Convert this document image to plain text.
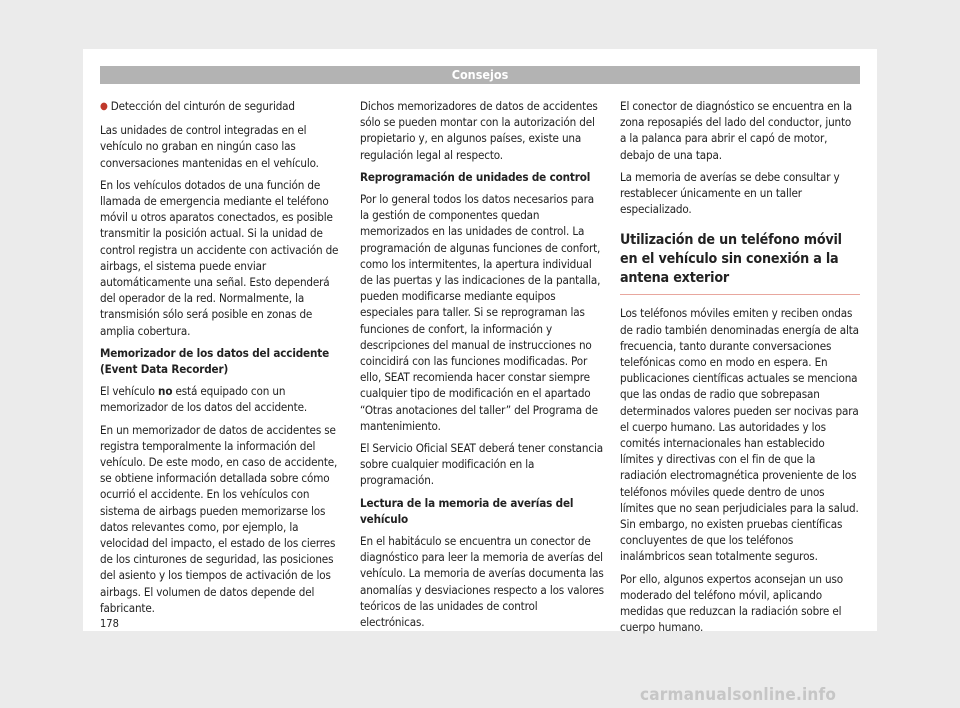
Consejos

● Detección del cinturón de seguridad

Las unidades de control integradas en el vehículo no graban en ningún caso las conversaciones mantenidas en el vehículo.

En los vehículos dotados de una función de llamada de emergencia mediante el teléfono móvil u otros aparatos conectados, es posible transmitir la posición actual. Si la unidad de control registra un accidente con activación de airbags, el sistema puede enviar automáticamente una señal. Esto dependerá del operador de la red. Normalmente, la transmisión sólo será posible en zonas de amplia cobertura.

Memorizador de los datos del accidente (Event Data Recorder)

El vehículo no está equipado con un memorizador de los datos del accidente.

En un memorizador de datos de accidentes se registra temporalmente la información del vehículo. De este modo, en caso de accidente, se obtiene información detallada sobre cómo ocurrió el accidente. En los vehículos con sistema de airbags pueden memorizarse los datos relevantes como, por ejemplo, la velocidad del impacto, el estado de los cierres de los cinturones de seguridad, las posiciones del asiento y los tiempos de activación de los airbags. El volumen de datos depende del fabricante.

Dichos memorizadores de datos de accidentes sólo se pueden montar con la autorización del propietario y, en algunos países, existe una regulación legal al respecto.

Reprogramación de unidades de control

Por lo general todos los datos necesarios para la gestión de componentes quedan memorizados en las unidades de control. La programación de algunas funciones de confort, como los intermitentes, la apertura individual de las puertas y las indicaciones de la pantalla, pueden modificarse mediante equipos especiales para taller. Si se reprograman las funciones de confort, la información y descripciones del manual de instrucciones no coincidirá con las funciones modificadas. Por ello, SEAT recomienda hacer constar siempre cualquier tipo de modificación en el apartado “Otras anotaciones del taller” del Programa de mantenimiento.

El Servicio Oficial SEAT deberá tener constancia sobre cualquier modificación en la programación.

Lectura de la memoria de averías del vehículo

En el habitáculo se encuentra un conector de diagnóstico para leer la memoria de averías del vehículo. La memoria de averías documenta las anomalías y desviaciones respecto a los valores teóricos de las unidades de control electrónicas.

El conector de diagnóstico se encuentra en la zona reposapiés del lado del conductor, junto a la palanca para abrir el capó de motor, debajo de una tapa.

La memoria de averías se debe consultar y restablecer únicamente en un taller especializado.

Utilización de un teléfono móvil en el vehículo sin conexión a la antena exterior

Los teléfonos móviles emiten y reciben ondas de radio también denominadas energía de alta frecuencia, tanto durante conversaciones telefónicas como en modo en espera. En publicaciones científicas actuales se menciona que las ondas de radio que sobrepasan determinados valores pueden ser nocivas para el cuerpo humano. Las autoridades y los comités internacionales han establecido límites y directivas con el fin de que la radiación electromagnética proveniente de los teléfonos móviles quede dentro de unos límites que no sean perjudiciales para la salud. Sin embargo, no existen pruebas científicas concluyentes de que los teléfonos inalámbricos sean totalmente seguros.

Por ello, algunos expertos aconsejan un uso moderado del teléfono móvil, aplicando medidas que reduzcan la radiación sobre el cuerpo humano.

178
carmanualsonline.info
